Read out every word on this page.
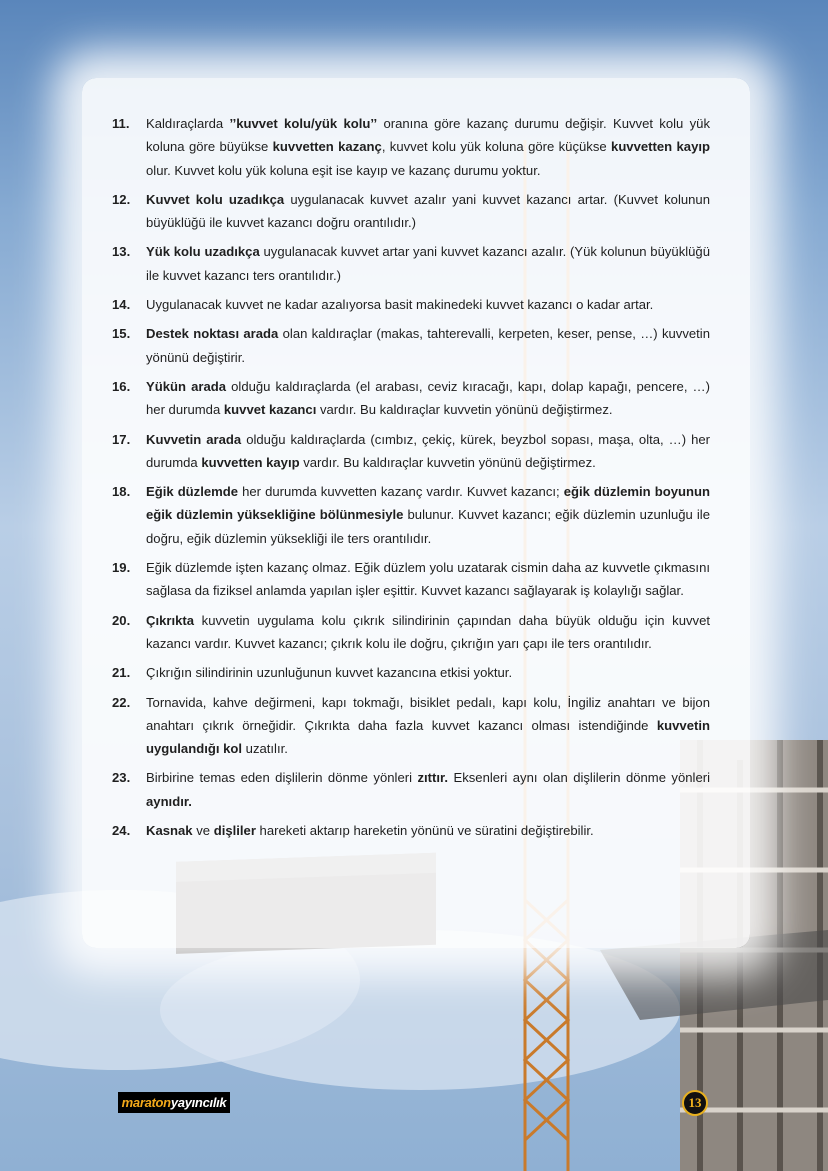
11.	Kaldıraçlarda ’’kuvvet kolu/yük kolu’’ oranına göre kazanç durumu değişir. Kuvvet kolu yük koluna göre büyükse kuvvetten kazanç, kuvvet kolu yük koluna göre küçükse kuvvetten kayıp olur. Kuvvet kolu yük koluna eşit ise kayıp ve kazanç durumu yoktur.
12.	Kuvvet kolu uzadıkça uygulanacak kuvvet azalır yani kuvvet kazancı artar. (Kuvvet kolunun büyüklüğü ile kuvvet kazancı doğru orantılıdır.)
13.	Yük kolu uzadıkça uygulanacak kuvvet artar yani kuvvet kazancı azalır. (Yük kolunun büyüklüğü ile kuvvet kazancı ters orantılıdır.)
14.	Uygulanacak kuvvet ne kadar azalıyorsa basit makinedeki kuvvet kazancı o kadar artar.
15.	Destek noktası arada olan kaldıraçlar (makas, tahterevalli, kerpeten, keser, pense, …) kuvvetin yönünü değiştirir.
16.	Yükün arada olduğu kaldıraçlarda (el arabası, ceviz kıracağı, kapı, dolap kapağı, pencere, …) her durumda kuvvet kazancı vardır. Bu kaldıraçlar kuvvetin yönünü değiştirmez.
17.	Kuvvetin arada olduğu kaldıraçlarda (cımbız, çekiç, kürek, beyzbol sopası, maşa, olta, …) her durumda kuvvetten kayıp vardır. Bu kaldıraçlar kuvvetin yönünü değiştirmez.
18.	Eğik düzlemde her durumda kuvvetten kazanç vardır. Kuvvet kazancı; eğik düzlemin boyunun eğik düzlemin yüksekliğine bölünmesiyle bulunur. Kuvvet kazancı; eğik düzlemin uzunluğu ile doğru, eğik düzlemin yüksekliği ile ters orantılıdır.
19.	Eğik düzlemde işten kazanç olmaz. Eğik düzlem yolu uzatarak cismin daha az kuvvetle çıkmasını sağlasa da fiziksel anlamda yapılan işler eşittir. Kuvvet kazancı sağlayarak iş kolaylığı sağlar.
20.	Çıkrıkta kuvvetin uygulama kolu çıkrık silindirinin çapından daha büyük olduğu için kuvvet kazancı vardır. Kuvvet kazancı; çıkrık kolu ile doğru, çıkrığın yarı çapı ile ters orantılıdır.
21.	Çıkrığın silindirinin uzunluğunun kuvvet kazancına etkisi yoktur.
22.	Tornavida, kahve değirmeni, kapı tokmağı, bisiklet pedalı, kapı kolu, İngiliz anahtarı ve bijon anahtarı çıkrık örneğidir. Çıkrıkta daha fazla kuvvet kazancı olması istendiğinde kuvvetin uygulandığı kol uzatılır.
23.	Birbirine temas eden dişlilerin dönme yönleri zıttır. Eksenleri aynı olan dişlilerin dönme yönleri aynıdır.
24.	Kasnak ve dişliler hareketi aktarıp hareketin yönünü ve süratini değiştirebilir.
maraton yayıncılık	13
